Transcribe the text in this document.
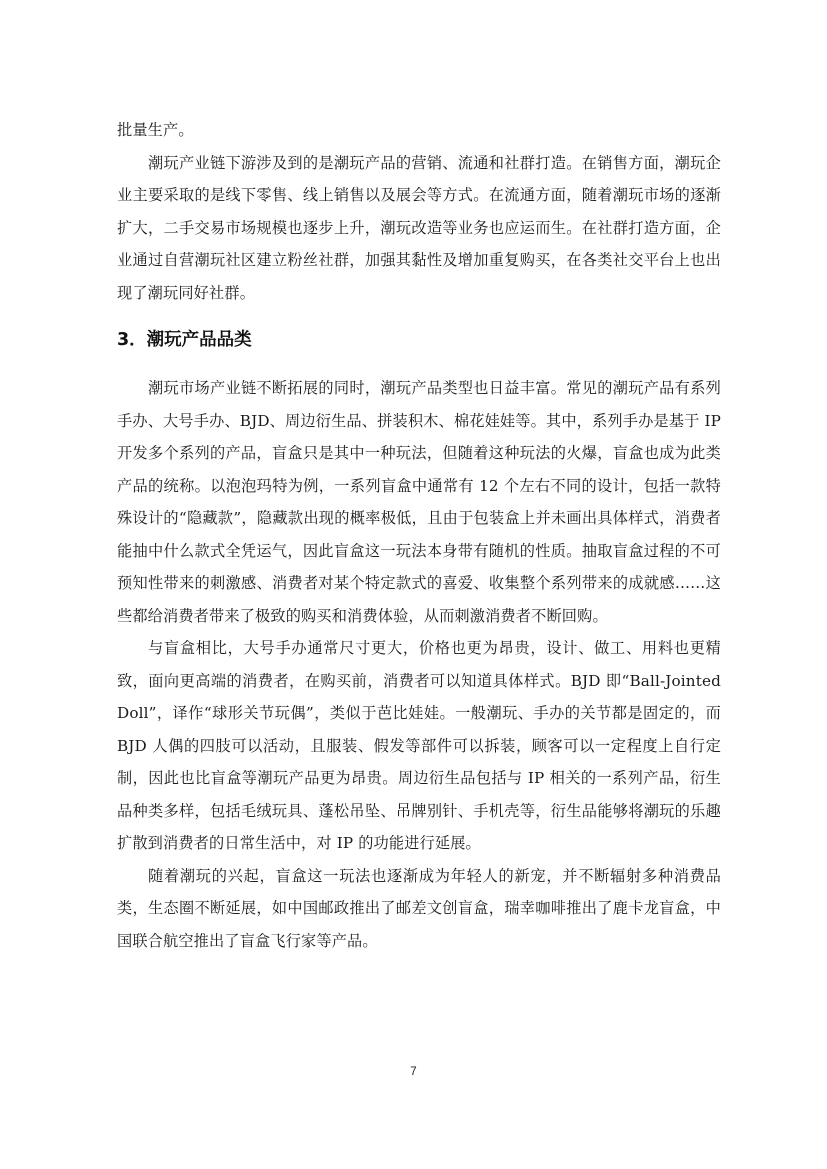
批量生产。

潮玩产业链下游涉及到的是潮玩产品的营销、流通和社群打造。在销售方面，潮玩企业主要采取的是线下零售、线上销售以及展会等方式。在流通方面，随着潮玩市场的逐渐扩大，二手交易市场规模也逐步上升，潮玩改造等业务也应运而生。在社群打造方面，企业通过自营潮玩社区建立粉丝社群，加强其黏性及增加重复购买，在各类社交平台上也出现了潮玩同好社群。

3．潮玩产品品类

潮玩市场产业链不断拓展的同时，潮玩产品类型也日益丰富。常见的潮玩产品有系列手办、大号手办、BJD、周边衍生品、拼装积木、棉花娃娃等。其中，系列手办是基于 IP 开发多个系列的产品，盲盒只是其中一种玩法，但随着这种玩法的火爆，盲盒也成为此类产品的统称。以泡泡玛特为例，一系列盲盒中通常有 12 个左右不同的设计，包括一款特殊设计的“隐藏款”，隐藏款出现的概率极低，且由于包装盒上并未画出具体样式，消费者能抽中什么款式全凭运气，因此盲盒这一玩法本身带有随机的性质。抽取盲盒过程的不可预知性带来的刺激感、消费者对某个特定款式的喜爱、收集整个系列带来的成就感……这些都给消费者带来了极致的购买和消费体验，从而刺激消费者不断回购。

与盲盒相比，大号手办通常尺寸更大，价格也更为昂贵，设计、做工、用料也更精致，面向更高端的消费者，在购买前，消费者可以知道具体样式。BJD 即“Ball-Jointed Doll”，译作“球形关节玩偶”，类似于芭比娃娃。一般潮玩、手办的关节都是固定的，而 BJD 人偶的四肢可以活动，且服装、假发等部件可以拆装，顾客可以一定程度上自行定制，因此也比盲盒等潮玩产品更为昂贵。周边衍生品包括与 IP 相关的一系列产品，衍生品种类多样，包括毛绒玩具、蓬松吊坠、吊牌别针、手机壳等，衍生品能够将潮玩的乐趣扩散到消费者的日常生活中，对 IP 的功能进行延展。

随着潮玩的兴起，盲盒这一玩法也逐渐成为年轻人的新宠，并不断辐射多种消费品类，生态圈不断延展，如中国邮政推出了邮差文创盲盒，瑞幸咖啡推出了鹿卡龙盲盒，中国联合航空推出了盲盒飞行家等产品。

7
